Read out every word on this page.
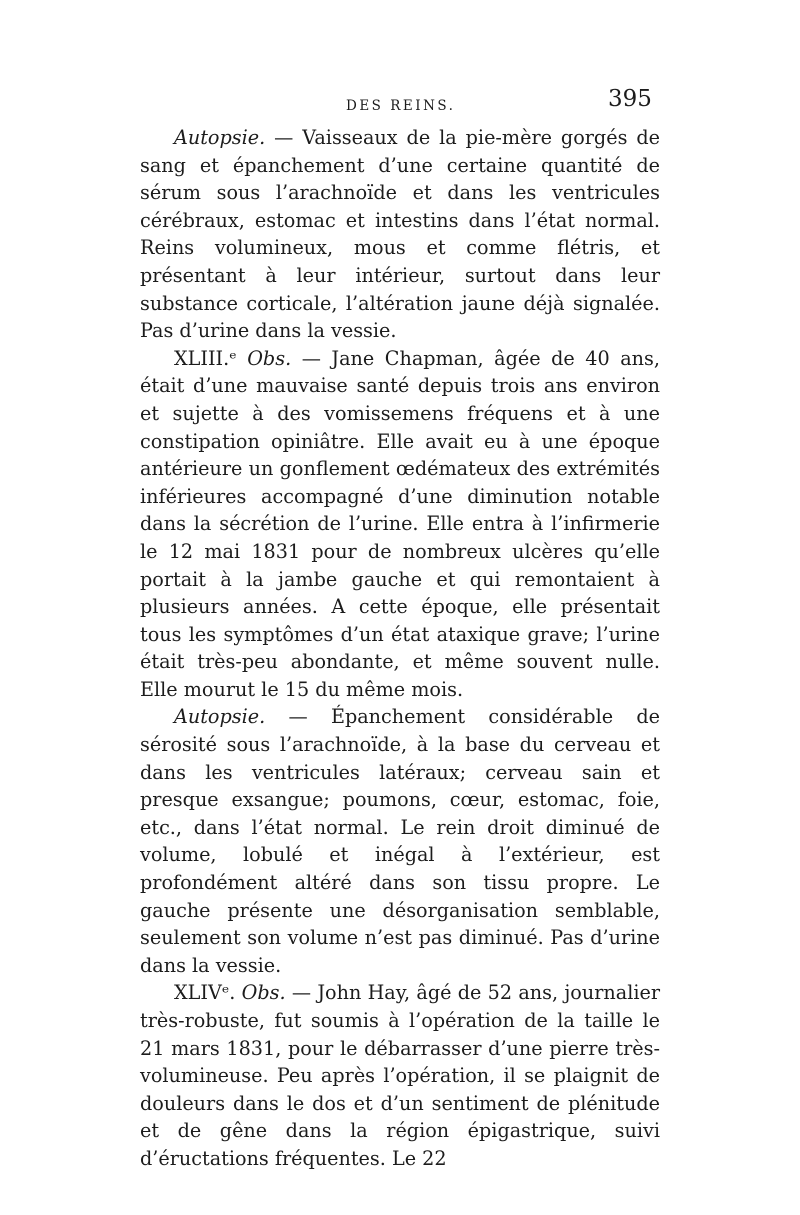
DES REINS.	395

Autopsie. — Vaisseaux de la pie-mère gorgés de sang et épanchement d’une certaine quantité de sérum sous l’arachnoïde et dans les ventricules cérébraux, estomac et intestins dans l’état normal. Reins volumineux, mous et comme flétris, et présentant à leur intérieur, surtout dans leur substance corticale, l’altération jaune déjà signalée. Pas d’urine dans la vessie.

XLIII.ᵉ Obs. — Jane Chapman, âgée de 40 ans, était d’une mauvaise santé depuis trois ans environ et sujette à des vomissemens fréquens et à une constipation opiniâtre. Elle avait eu à une époque antérieure un gonflement œdémateux des extrémités inférieures accompagné d’une diminution notable dans la sécrétion de l’urine. Elle entra à l’infirmerie le 12 mai 1831 pour de nombreux ulcères qu’elle portait à la jambe gauche et qui remontaient à plusieurs années. A cette époque, elle présentait tous les symptômes d’un état ataxique grave; l’urine était très-peu abondante, et même souvent nulle. Elle mourut le 15 du même mois.

Autopsie. — Épanchement considérable de sérosité sous l’arachnoïde, à la base du cerveau et dans les ventricules latéraux; cerveau sain et presque exsangue; poumons, cœur, estomac, foie, etc., dans l’état normal. Le rein droit diminué de volume, lobulé et inégal à l’extérieur, est profondément altéré dans son tissu propre. Le gauche présente une désorganisation semblable, seulement son volume n’est pas diminué. Pas d’urine dans la vessie.

XLIVᵉ. Obs. — John Hay, âgé de 52 ans, journalier très-robuste, fut soumis à l’opération de la taille le 21 mars 1831, pour le débarrasser d’une pierre très-volumineuse. Peu après l’opération, il se plaignit de douleurs dans le dos et d’un sentiment de plénitude et de gêne dans la région épigastrique, suivi d’éructations fréquentes. Le 22
